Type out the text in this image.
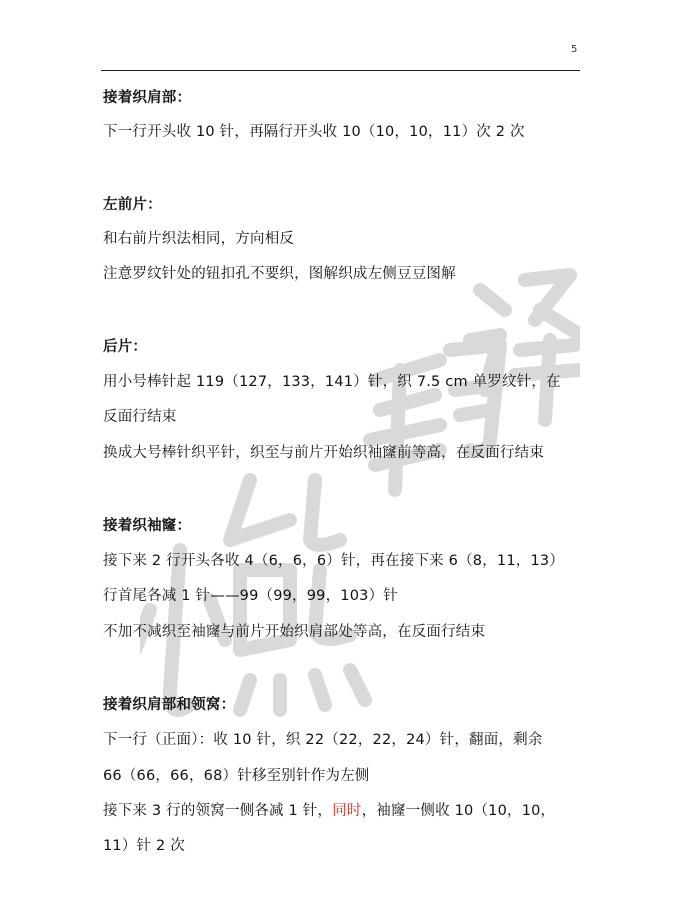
5
接着织肩部：
下一行开头收 10 针，再隔行开头收 10（10，10，11）次 2 次
左前片：
和右前片织法相同，方向相反
注意罗纹针处的钮扣孔不要织，图解织成左侧豆豆图解
后片：
用小号棒针起 119（127，133，141）针，织 7.5 cm 单罗纹针，在
反面行结束
换成大号棒针织平针，织至与前片开始织袖窿前等高，在反面行结束
接着织袖窿：
接下来 2 行开头各收 4（6，6，6）针，再在接下来 6（8，11，13）
行首尾各减 1 针——99（99，99，103）针
不加不减织至袖窿与前片开始织肩部处等高，在反面行结束
接着织肩部和领窝：
下一行（正面）：收 10 针，织 22（22，22，24）针，翻面，剩余
66（66，66，68）针移至别针作为左侧
接下来 3 行的领窝一侧各减 1 针，同时，袖窿一侧收 10（10，10，
11）针 2 次
